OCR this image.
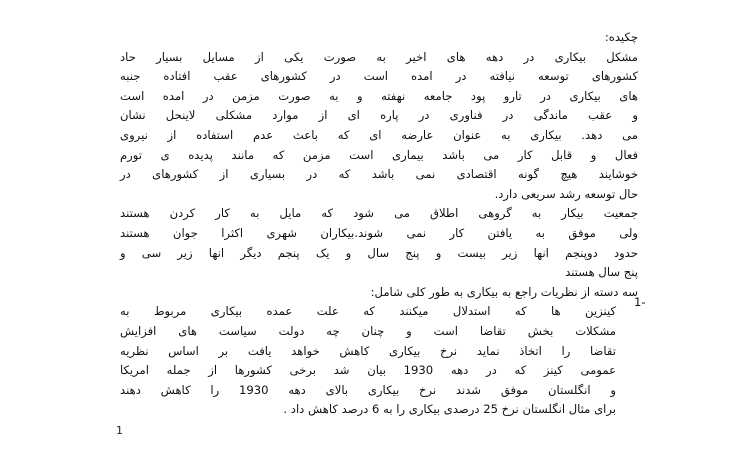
چکیده:
مشکل بیکاری در دهه های اخیر به صورت یکی از مسایل بسیار حاد
کشورهای توسعه نیافته در امده است در کشورهای عقب افتاده جنبه
های بیکاری در تارو پود جامعه نهفته و به صورت مزمن در امده است
و عقب ماندگی در فناوری در پاره ای از موارد مشکلی لاینحل نشان
می دهد. بیکاری به عنوان عارضه ای که باعث عدم استفاده از نیروی
فعال و قابل کار می باشد بیماری است مزمن که مانند پدیده ی تورم
خوشایند هیچ گونه اقتصادی نمی باشد که در بسیاری از کشورهای در
حال توسعه رشد سریعی دارد.
جمعیت بیکار به گروهی اطلاق می شود که مایل به کار کردن هستند
ولی موفق به یافتن کار نمی شوند.بیکاران شهری اکثرا جوان هستند
حدود دوپنجم انها زیر بیست و پنج سال و یک پنجم دیگر انها زیر سی و
پنج سال هستند
سه دسته از نظریات راجع به بیکاری به طور کلی شامل:
کینزین ها که استدلال میکنند که علت عمده بیکاری مربوط به
مشکلات بخش تقاضا است و چنان چه دولت سیاست های افزایش
تقاضا را اتخاذ نماید نرخ بیکاری کاهش خواهد یافت بر اساس نظریه
عمومی کینز که در دهه 1930 بیان شد برخی کشورها از جمله امریکا
و انگلستان موفق شدند نرخ بیکاری بالای دهه 1930 را کاهش دهند
برای مثال انگلستان نرخ 25 درصدی بیکاری را به 6 درصد کاهش داد .
1-
1
